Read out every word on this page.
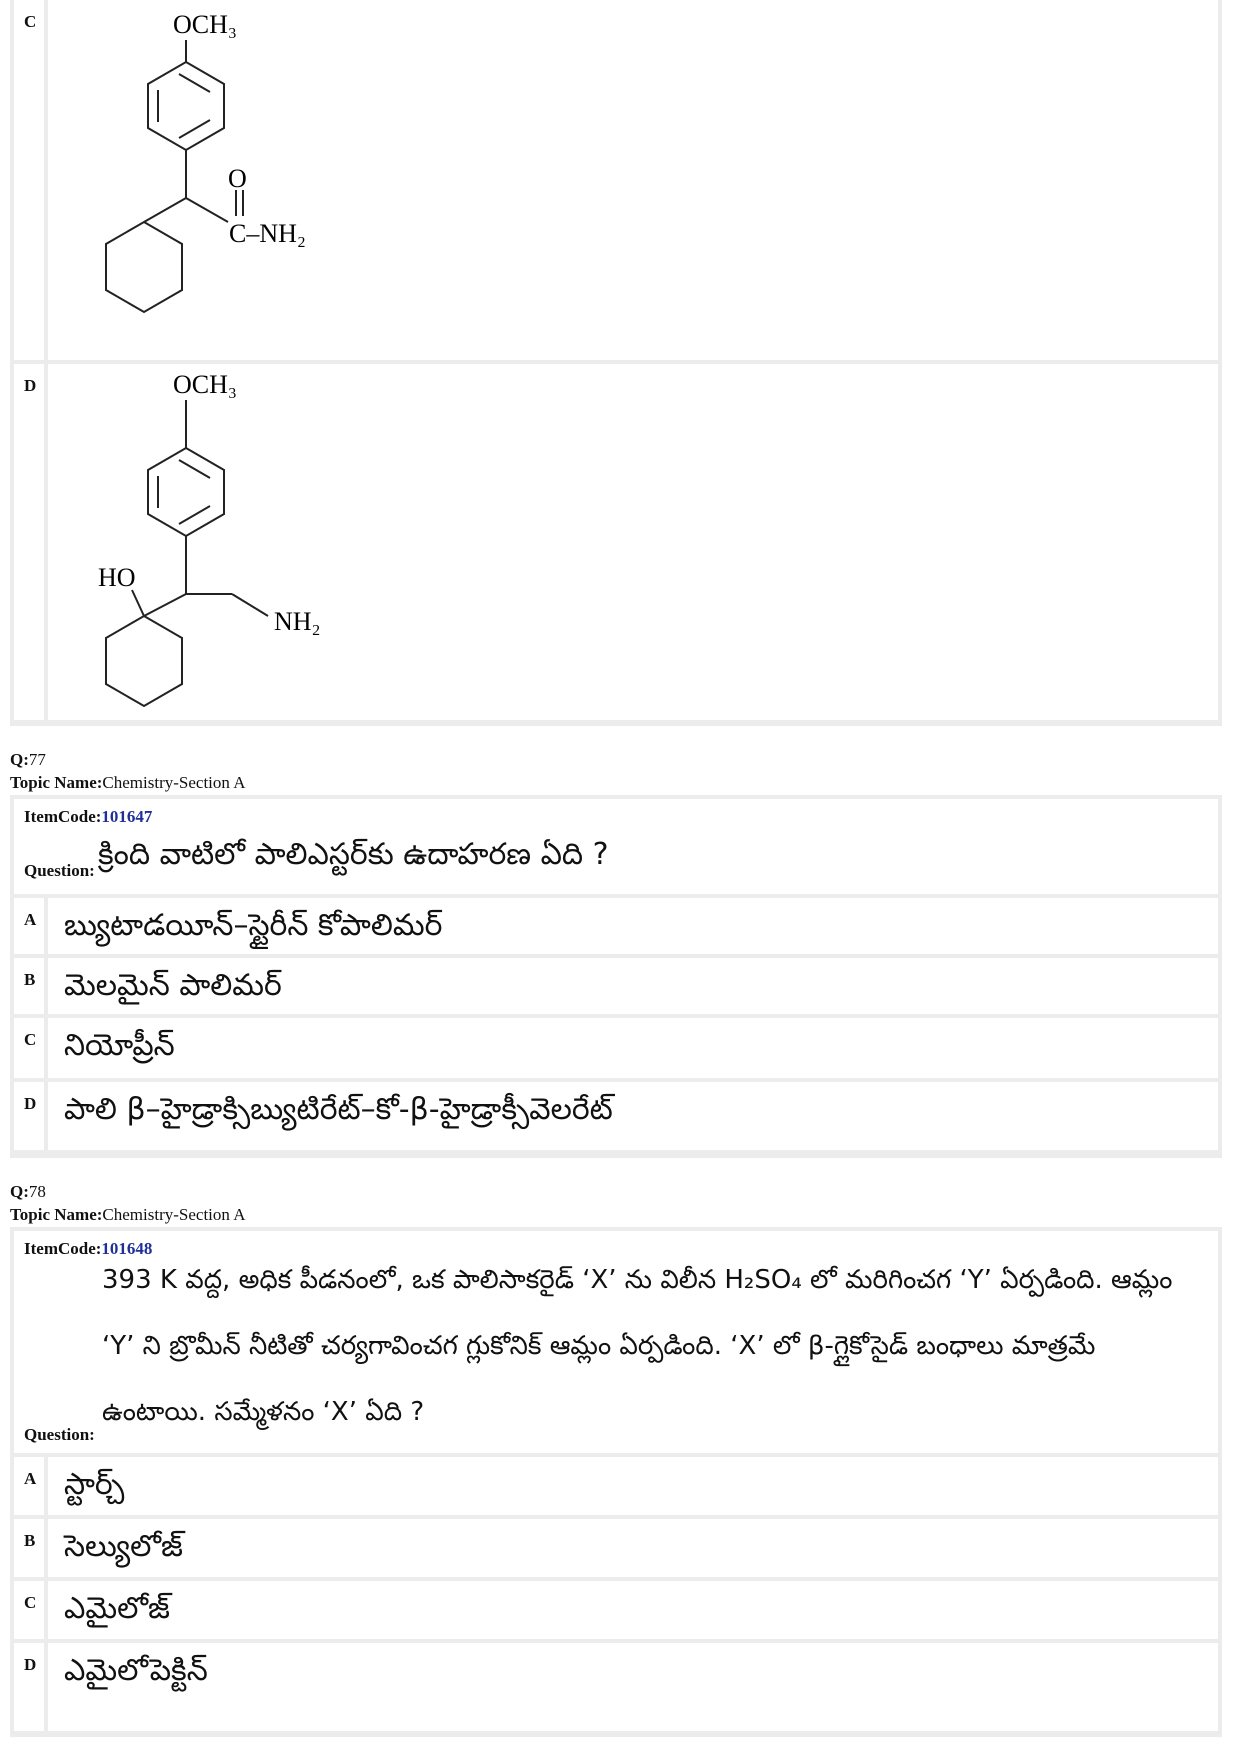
C	OCH₃
O
C–NH₂
D	OCH₃
HO
NH₂
Q:77
Topic Name:Chemistry-Section A
ItemCode:101647
Question: క్రింది వాటిలో పాలిఎస్టర్‌కు ఉదాహరణ ఏది ?
A బ్యుటాడయీన్–స్టైరీన్ కోపాలిమర్
B మెలమైన్ పాలిమర్
C నియోప్రీన్
D పాలి β–హైడ్రాక్సిబ్యుటిరేట్–కో-β-హైడ్రాక్సీవెలరేట్
Q:78
Topic Name:Chemistry-Section A
ItemCode:101648
393 K వద్ద, అధిక పీడనంలో, ఒక పాలిసాకరైడ్ ‘X’ ను విలీన H₂SO₄ లో మరిగించగ ‘Y’ ఏర్పడింది. ఆమ్లం
‘Y’ ని బ్రొమీన్ నీటితో చర్యగావించగ గ్లుకోనిక్ ఆమ్లం ఏర్పడింది. ‘X’ లో β-గ్లైకోసైడ్ బంధాలు మాత్రమే
ఉంటాయి. సమ్మేళనం ‘X’ ఏది ?
Question:
A స్టార్చ్
B సెల్యులోజ్
C ఎమైలోజ్
D ఎమైలోపెక్టిన్
